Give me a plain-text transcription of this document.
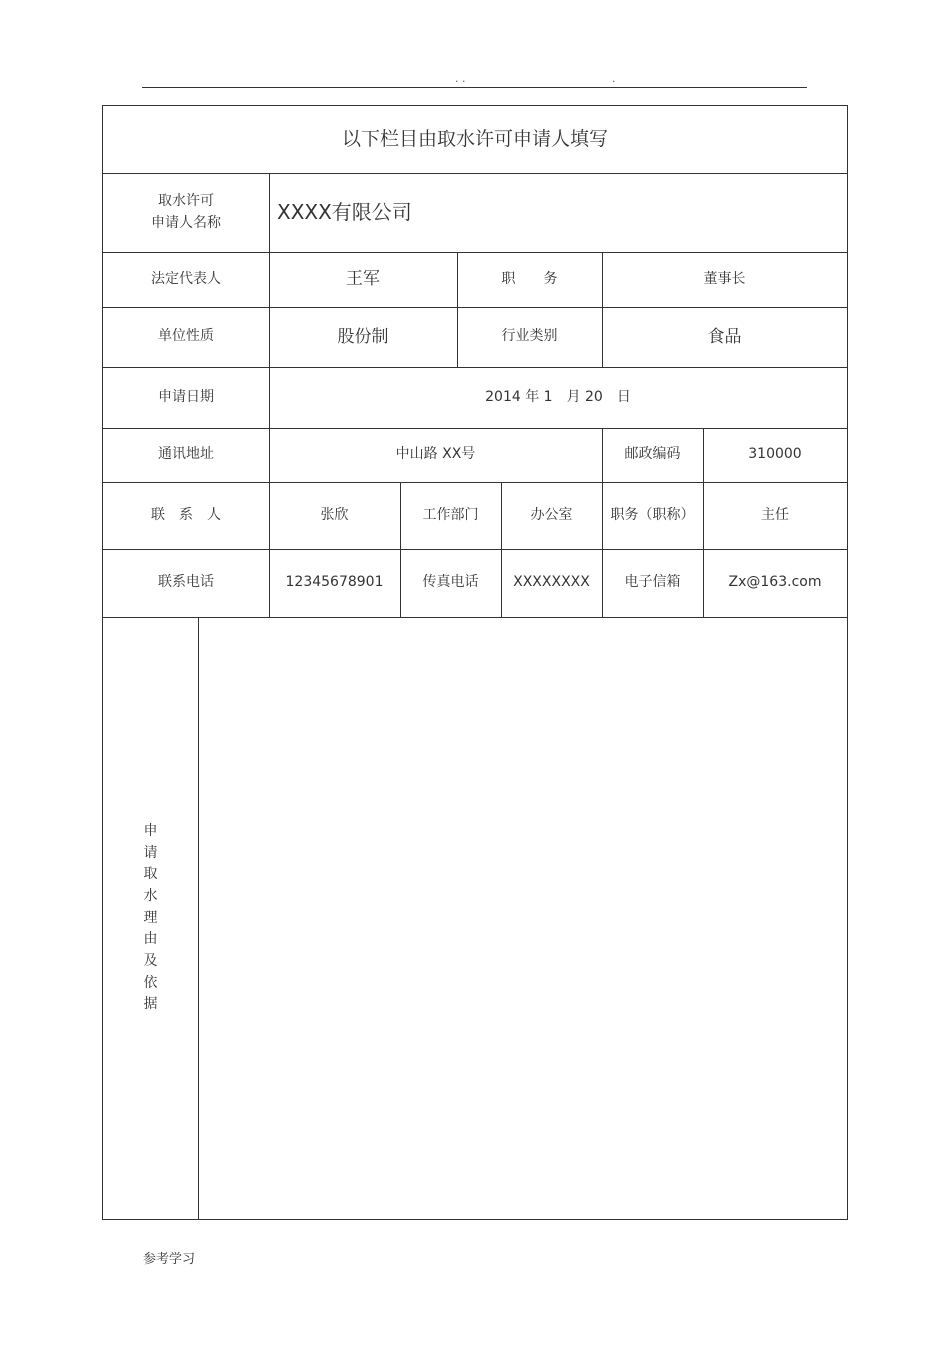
. .	.
以下栏目由取水许可申请人填写
取水许可
申请人名称	XXXX有限公司
法定代表人	王军	职　　务	董事长
单位性质	股份制	行业类别	食品
申请日期	2014 年 1　月 20　日
通讯地址	中山路 XX号	邮政编码	310000
联　系　人	张欣	工作部门	办公室	职务（职称）	主任
联系电话	12345678901	传真电话	XXXXXXXX	电子信箱	Zx@163.com
申
请
取
水
理
由
及
依
据
参考学习
